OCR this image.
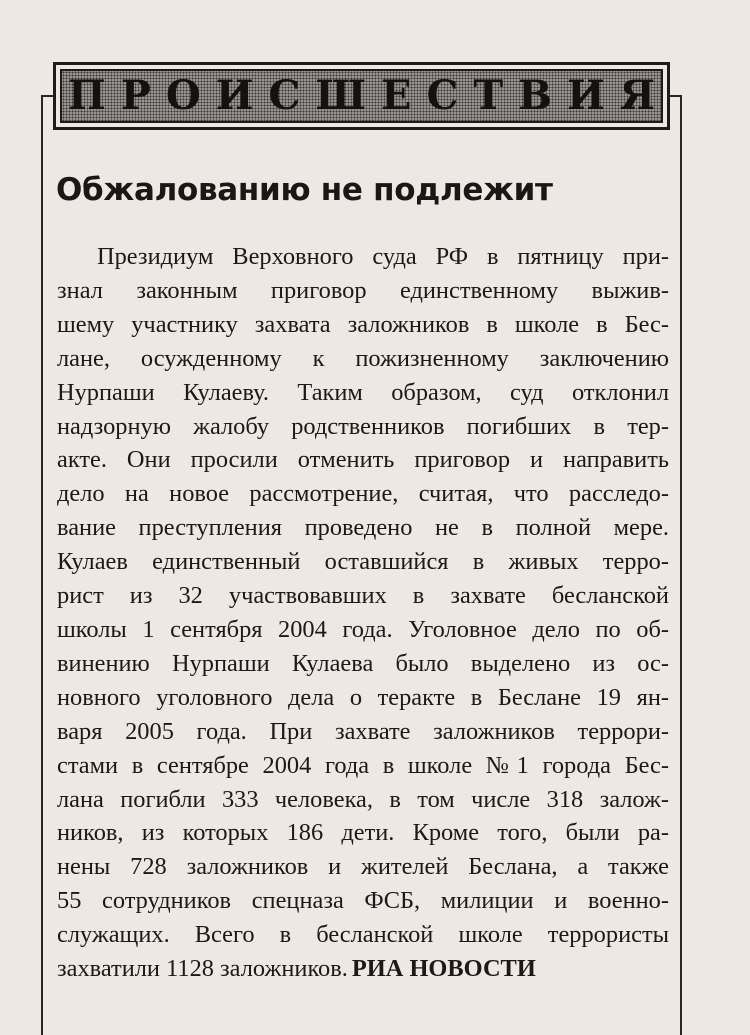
ПРОИСШЕСТВИЯ
Обжалованию не подлежит
Президиум Верховного суда РФ в пятницу при-
знал законным приговор единственному выжив-
шему участнику захвата заложников в школе в Бес-
лане, осужденному к пожизненному заключению
Нурпаши Кулаеву. Таким образом, суд отклонил
надзорную жалобу родственников погибших в тер-
акте. Они просили отменить приговор и направить
дело на новое рассмотрение, считая, что расследо-
вание преступления проведено не в полной мере.
Кулаев единственный оставшийся в живых терро-
рист из 32 участвовавших в захвате бесланской
школы 1 сентября 2004 года. Уголовное дело по об-
винению Нурпаши Кулаева было выделено из ос-
новного уголовного дела о теракте в Беслане 19 ян-
варя 2005 года. При захвате заложников террори-
стами в сентябре 2004 года в школе №1 города Бес-
лана погибли 333 человека, в том числе 318 залож-
ников, из которых 186 дети. Кроме того, были ра-
нены 728 заложников и жителей Беслана, а также
55 сотрудников спецназа ФСБ, милиции и военно-
служащих. Всего в бесланской школе террористы
захватили 1128 заложников. РИА НОВОСТИ
